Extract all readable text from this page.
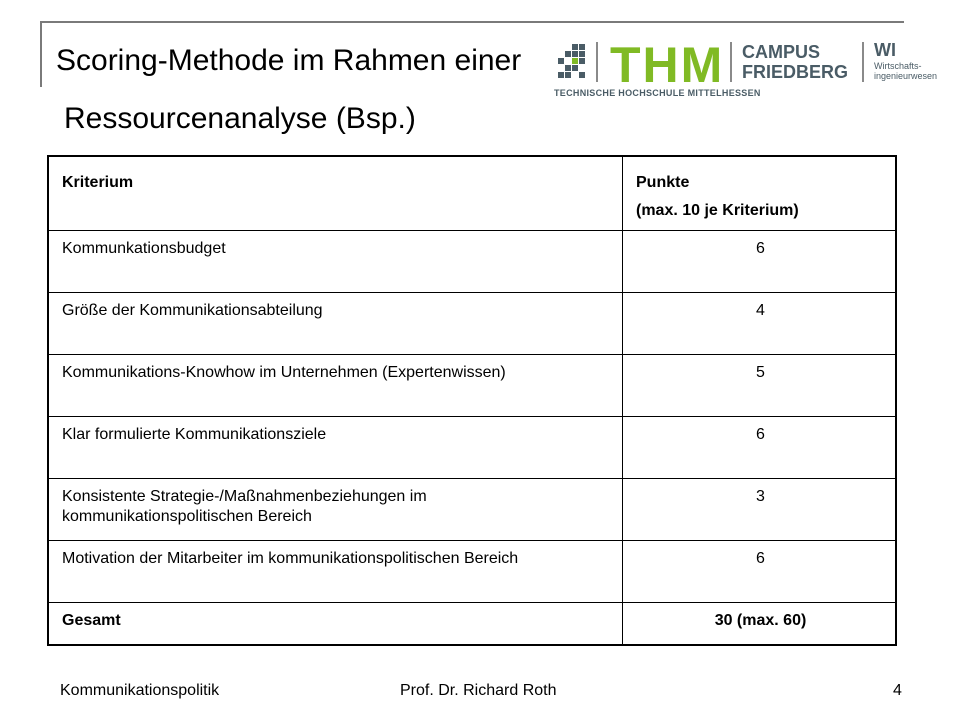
Scoring-Methode im Rahmen einer
Ressourcenanalyse (Bsp.)
THM CAMPUS
FRIEDBERG
WI
Wirtschafts-
ingenieurwesen
TECHNISCHE HOCHSCHULE MITTELHESSEN
Kriterium	Punkte
(max. 10 je Kriterium)

Kommunkationsbudget	6
Größe der Kommunikationsabteilung	4
Kommunikations-Knowhow im Unternehmen (Expertenwissen)	5
Klar formulierte Kommunikationsziele	6
Konsistente Strategie-/Maßnahmenbeziehungen im kommunikationspolitischen Bereich	3
Motivation der Mitarbeiter im kommunikationspolitischen Bereich	6
Gesamt	30 (max. 60)
Kommunikationspolitik	Prof. Dr. Richard Roth	4
